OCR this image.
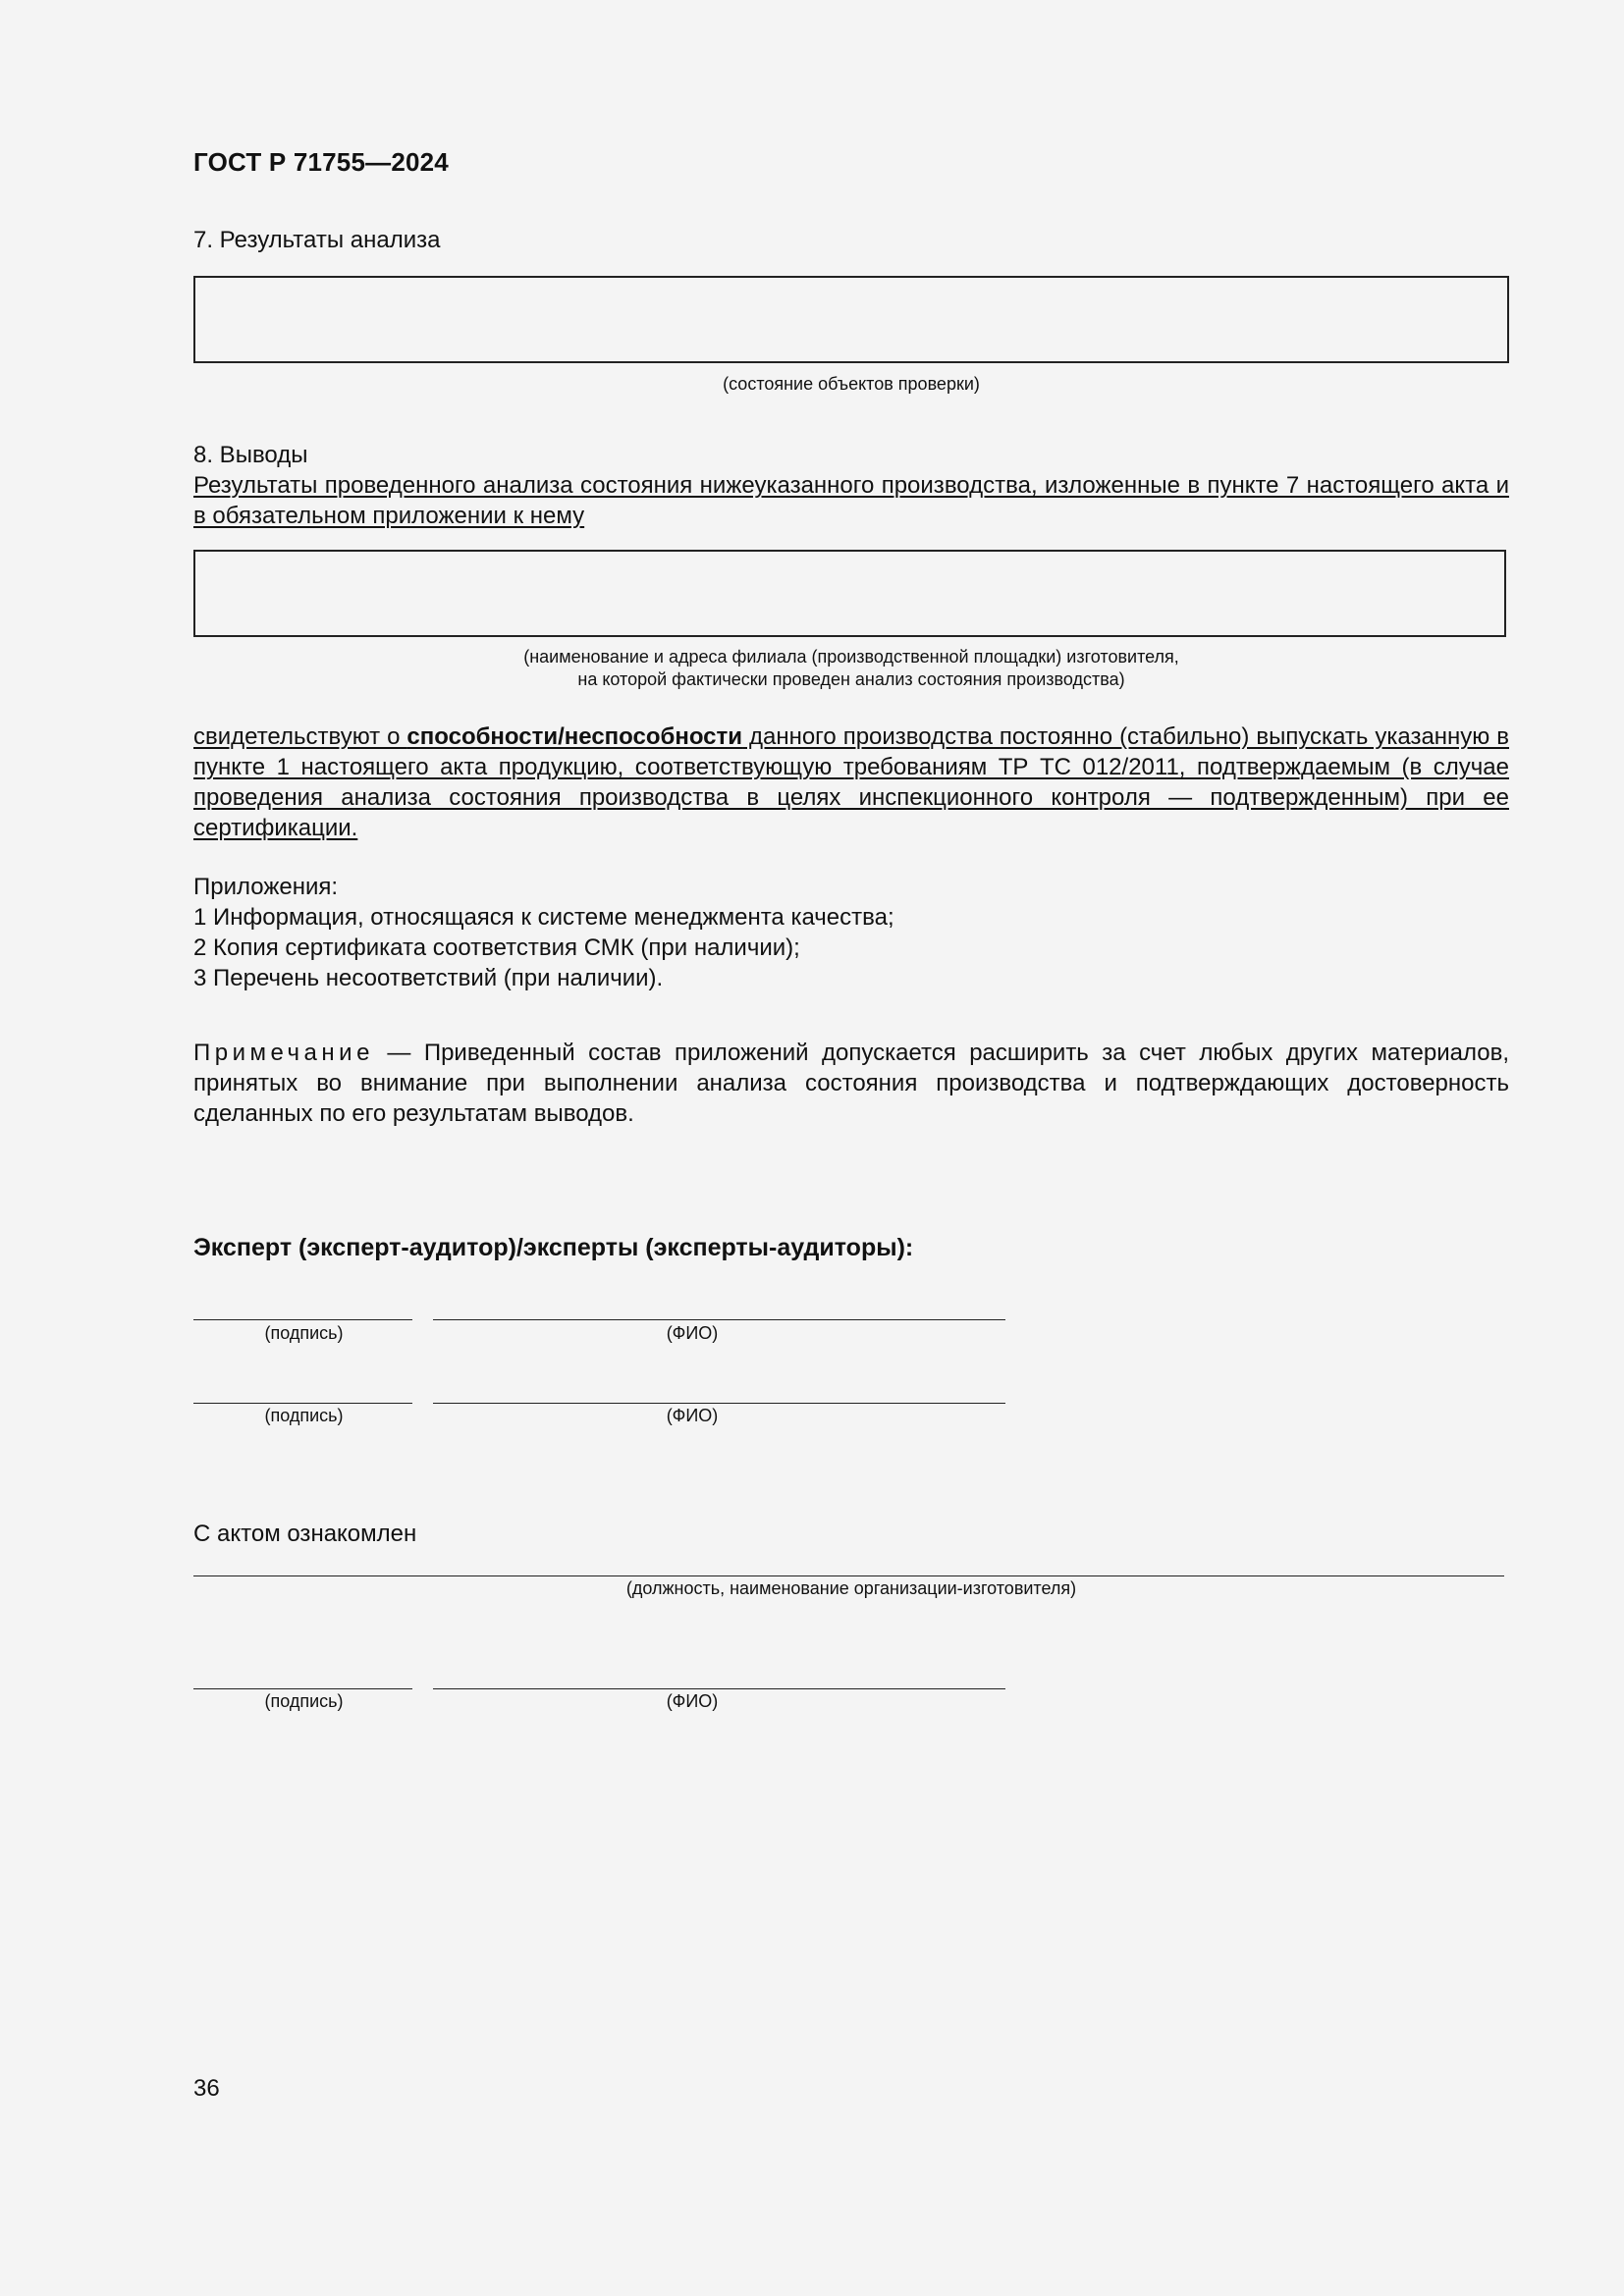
ГОСТ Р 71755—2024
7. Результаты анализа
(состояние объектов проверки)
8. Выводы
Результаты проведенного анализа состояния нижеуказанного производства, изложенные в пункте 7 настоящего акта и в обязательном приложении к нему
(наименование и адреса филиала (производственной площадки) изготовителя,
на которой фактически проведен анализ состояния производства)
свидетельствуют о способности/неспособности данного производства постоянно (стабильно) выпускать указанную в пункте 1 настоящего акта продукцию, соответствующую требованиям ТР ТС 012/2011, подтверждаемым (в случае проведения анализа состояния производства в целях инспекционного контроля — подтвержденным) при ее сертификации.
Приложения:
1 Информация, относящаяся к системе менеджмента качества;
2 Копия сертификата соответствия СМК (при наличии);
3 Перечень несоответствий (при наличии).
Примечание — Приведенный состав приложений допускается расширить за счет любых других материалов, принятых во внимание при выполнении анализа состояния производства и подтверждающих достоверность сделанных по его результатам выводов.
Эксперт (эксперт-аудитор)/эксперты (эксперты-аудиторы):
(подпись)	(ФИО)
(подпись)	(ФИО)
С актом ознакомлен
(должность, наименование организации-изготовителя)
(подпись)	(ФИО)
36
